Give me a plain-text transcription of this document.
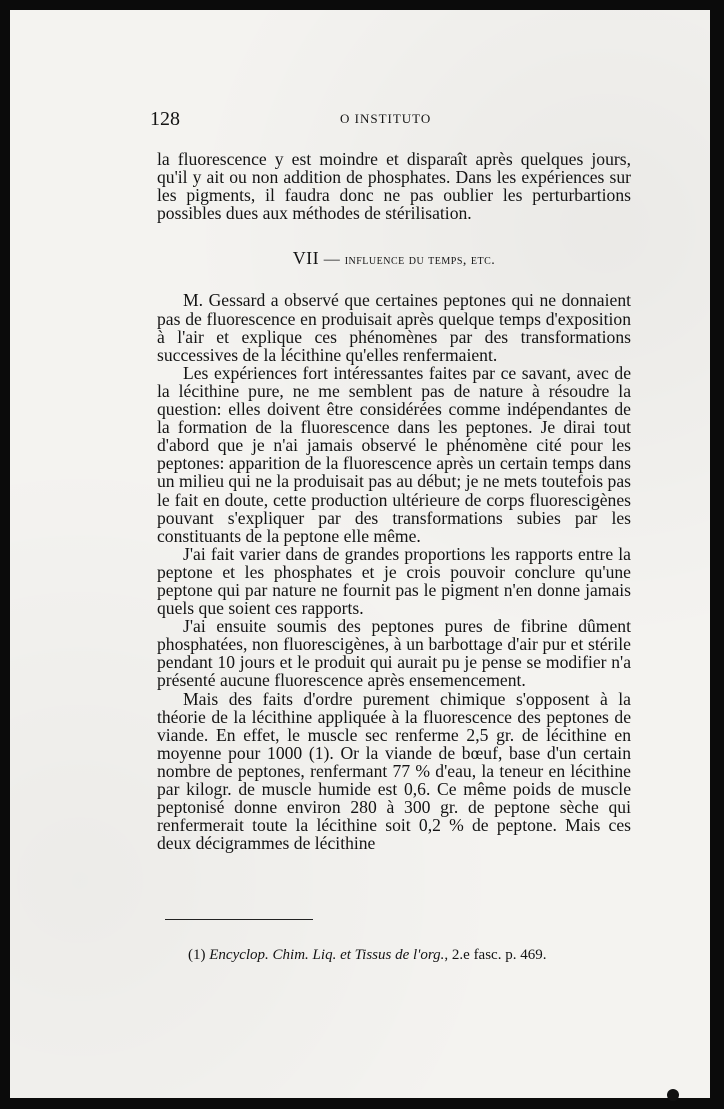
128	O INSTITUTO

la fluorescence y est moindre et disparaît après quelques jours, qu'il y ait ou non addition de phosphates. Dans les expériences sur les pigments, il faudra donc ne pas oublier les perturbartions possibles dues aux méthodes de stérilisation.

VII — influence du temps, etc.

M. Gessard a observé que certaines peptones qui ne donnaient pas de fluorescence en produisait après quelque temps d'exposition à l'air et explique ces phénomènes par des transformations successives de la lécithine qu'elles renfermaient.

Les expériences fort intéressantes faites par ce savant, avec de la lécithine pure, ne me semblent pas de nature à résoudre la question: elles doivent être considérées comme indépendantes de la formation de la fluorescence dans les peptones. Je dirai tout d'abord que je n'ai jamais observé le phénomène cité pour les peptones: apparition de la fluorescence après un certain temps dans un milieu qui ne la produisait pas au début; je ne mets toutefois pas le fait en doute, cette production ultérieure de corps fluorescigènes pouvant s'expliquer par des transformations subies par les constituants de la peptone elle même.

J'ai fait varier dans de grandes proportions les rapports entre la peptone et les phosphates et je crois pouvoir conclure qu'une peptone qui par nature ne fournit pas le pigment n'en donne jamais quels que soient ces rapports.

J'ai ensuite soumis des peptones pures de fibrine dûment phosphatées, non fluorescigènes, à un barbottage d'air pur et stérile pendant 10 jours et le produit qui aurait pu je pense se modifier n'a présenté aucune fluorescence après ensemencement.

Mais des faits d'ordre purement chimique s'opposent à la théorie de la lécithine appliquée à la fluorescence des peptones de viande. En effet, le muscle sec renferme 2,5 gr. de lécithine en moyenne pour 1000 (1). Or la viande de bœuf, base d'un certain nombre de peptones, renfermant 77 % d'eau, la teneur en lécithine par kilogr. de muscle humide est 0,6. Ce même poids de muscle peptonisé donne environ 280 à 300 gr. de peptone sèche qui renfermerait toute la lécithine soit 0,2 % de peptone. Mais ces deux décigrammes de lécithine

(1) Encyclop. Chim. Liq. et Tissus de l'org., 2.e fasc. p. 469.
